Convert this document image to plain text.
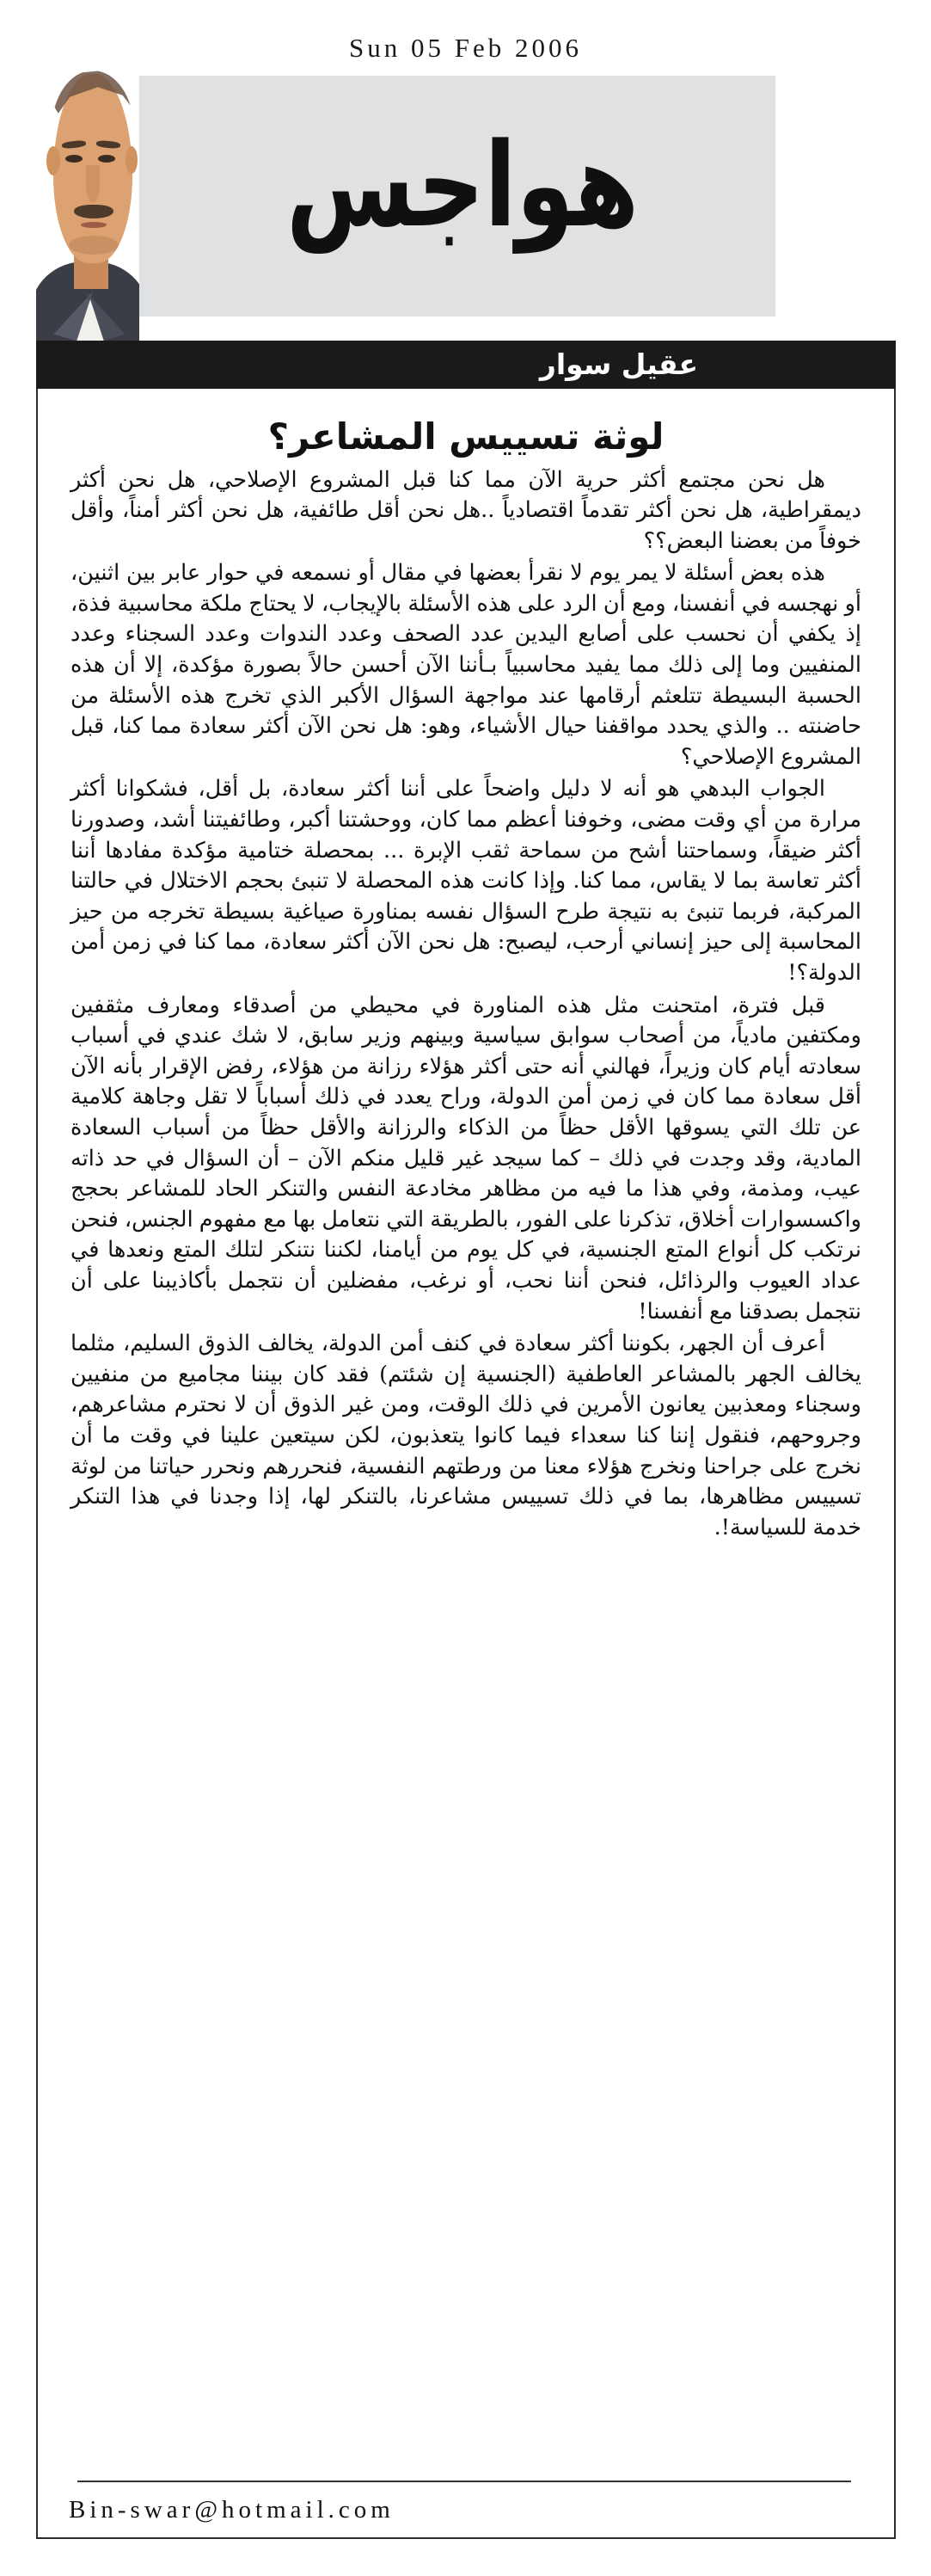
Sun 05 Feb 2006
هواجس
عقيل سوار
لوثة تسييس المشاعر؟

هل نحن مجتمع أكثر حرية الآن مما كنا قبل المشروع الإصلاحي، هل نحن أكثر ديمقراطية، هل نحن أكثر تقدماً اقتصادياً ..هل نحن أقل طائفية، هل نحن أكثر أمناً، وأقل خوفاً من بعضنا البعض؟؟

هذه بعض أسئلة لا يمر يوم لا نقرأ بعضها في مقال أو نسمعه في حوار عابر بين اثنين، أو نهجسه في أنفسنا، ومع أن الرد على هذه الأسئلة بالإيجاب، لا يحتاج ملكة محاسبية فذة، إذ يكفي أن نحسب على أصابع اليدين عدد الصحف وعدد الندوات وعدد السجناء وعدد المنفيين وما إلى ذلك مما يفيد محاسبياً بـأننا الآن أحسن حالاً بصورة مؤكدة، إلا أن هذه الحسبة البسيطة تتلعثم أرقامها عند مواجهة السؤال الأكبر الذي تخرج هذه الأسئلة من حاضنته .. والذي يحدد مواقفنا حيال الأشياء، وهو: هل نحن الآن أكثر سعادة مما كنا، قبل المشروع الإصلاحي؟

الجواب البدهي هو أنه لا دليل واضحاً على أننا أكثر سعادة، بل أقل، فشكوانا أكثر مرارة من أي وقت مضى، وخوفنا أعظم مما كان، ووحشتنا أكبر، وطائفيتنا أشد، وصدورنا أكثر ضيقاً، وسماحتنا أشح من سماحة ثقب الإبرة ... بمحصلة ختامية مؤكدة مفادها أننا أكثر تعاسة بما لا يقاس، مما كنا. وإذا كانت هذه المحصلة لا تنبئ بحجم الاختلال في حالتنا المركبة، فربما تنبئ به نتيجة طرح السؤال نفسه بمناورة صياغية بسيطة تخرجه من حيز المحاسبة إلى حيز إنساني أرحب، ليصبح: هل نحن الآن أكثر سعادة، مما كنا في زمن أمن الدولة؟!

قبل فترة، امتحنت مثل هذه المناورة في محيطي من أصدقاء ومعارف مثقفين ومكتفين مادياً، من أصحاب سوابق سياسية وبينهم وزير سابق، لا شك عندي في أسباب سعادته أيام كان وزيراً، فهالني أنه حتى أكثر هؤلاء رزانة من هؤلاء، رفض الإقرار بأنه الآن أقل سعادة مما كان في زمن أمن الدولة، وراح يعدد في ذلك أسباباً لا تقل وجاهة كلامية عن تلك التي يسوقها الأقل حظاً من الذكاء والرزانة والأقل حظاً من أسباب السعادة المادية، وقد وجدت في ذلك – كما سيجد غير قليل منكم الآن – أن السؤال في حد ذاته عيب، ومذمة، وفي هذا ما فيه من مظاهر مخادعة النفس والتنكر الحاد للمشاعر بحجج واكسسوارات أخلاق، تذكرنا على الفور، بالطريقة التي نتعامل بها مع مفهوم الجنس، فنحن نرتكب كل أنواع المتع الجنسية، في كل يوم من أيامنا، لكننا نتنكر لتلك المتع ونعدها في عداد العيوب والرذائل، فنحن أننا نحب، أو نرغب، مفضلين أن نتجمل بأكاذيبنا على أن نتجمل بصدقنا مع أنفسنا!

أعرف أن الجهر، بكوننا أكثر سعادة في كنف أمن الدولة، يخالف الذوق السليم، مثلما يخالف الجهر بالمشاعر العاطفية (الجنسية إن شئتم) فقد كان بيننا مجاميع من منفيين وسجناء ومعذبين يعانون الأمرين في ذلك الوقت، ومن غير الذوق أن لا نحترم مشاعرهم، وجروحهم، فنقول إننا كنا سعداء فيما كانوا يتعذبون، لكن سيتعين علينا في وقت ما أن نخرج على جراحنا ونخرج هؤلاء معنا من ورطتهم النفسية، فنحررهم ونحرر حياتنا من لوثة تسييس مظاهرها، بما في ذلك تسييس مشاعرنا، بالتنكر لها، إذا وجدنا في هذا التنكر خدمة للسياسة!.

Bin-swar@hotmail.com
